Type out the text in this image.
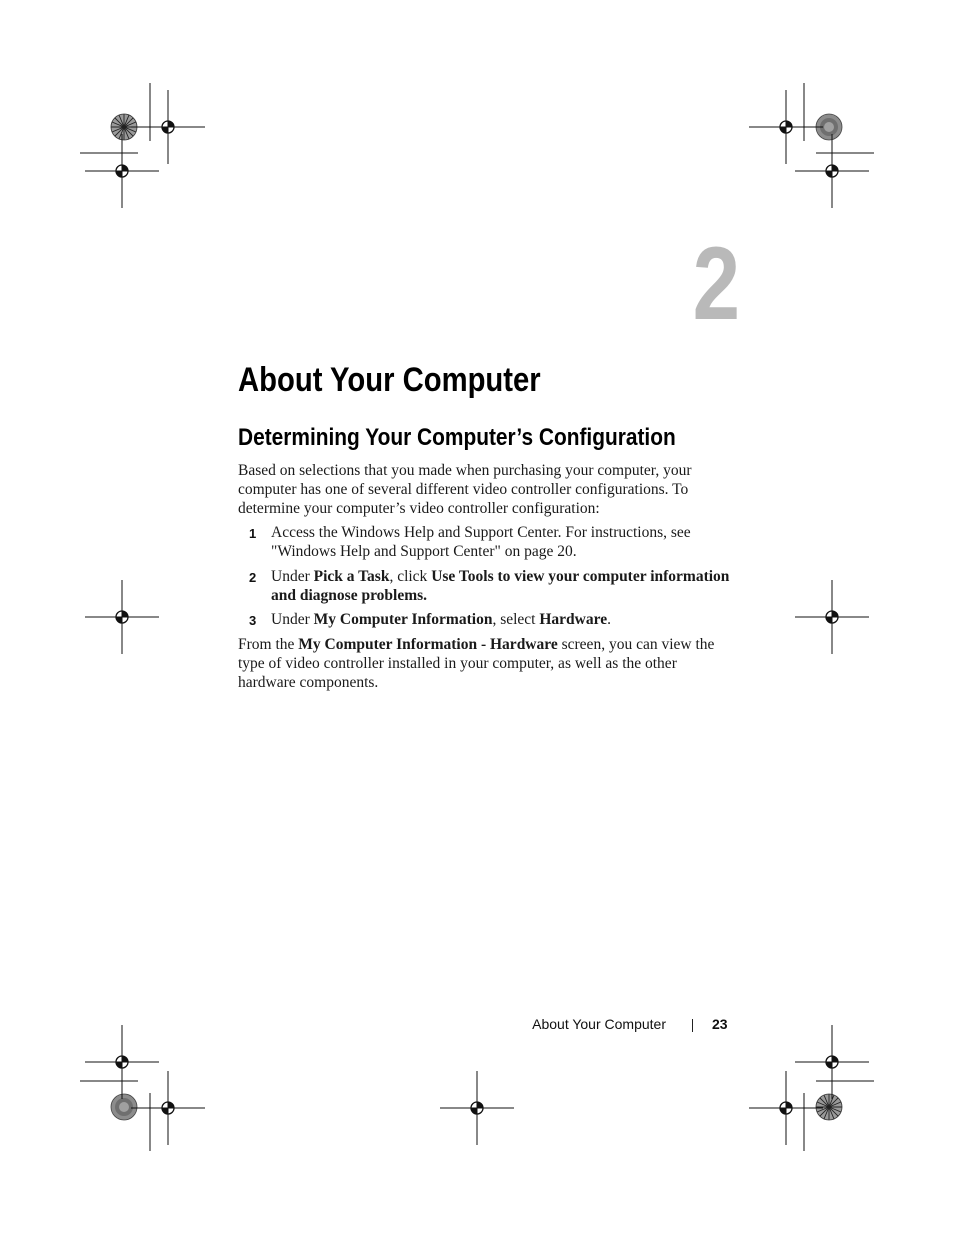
2
About Your Computer
Determining Your Computer’s Configuration

Based on selections that you made when purchasing your computer, your computer has one of several different video controller configurations. To determine your computer’s video controller configuration:

1 Access the Windows Help and Support Center. For instructions, see "Windows Help and Support Center" on page 20.

2 Under Pick a Task, click Use Tools to view your computer information and diagnose problems.

3 Under My Computer Information, select Hardware.

From the My Computer Information - Hardware screen, you can view the type of video controller installed in your computer, as well as the other hardware components.

About Your Computer	23
